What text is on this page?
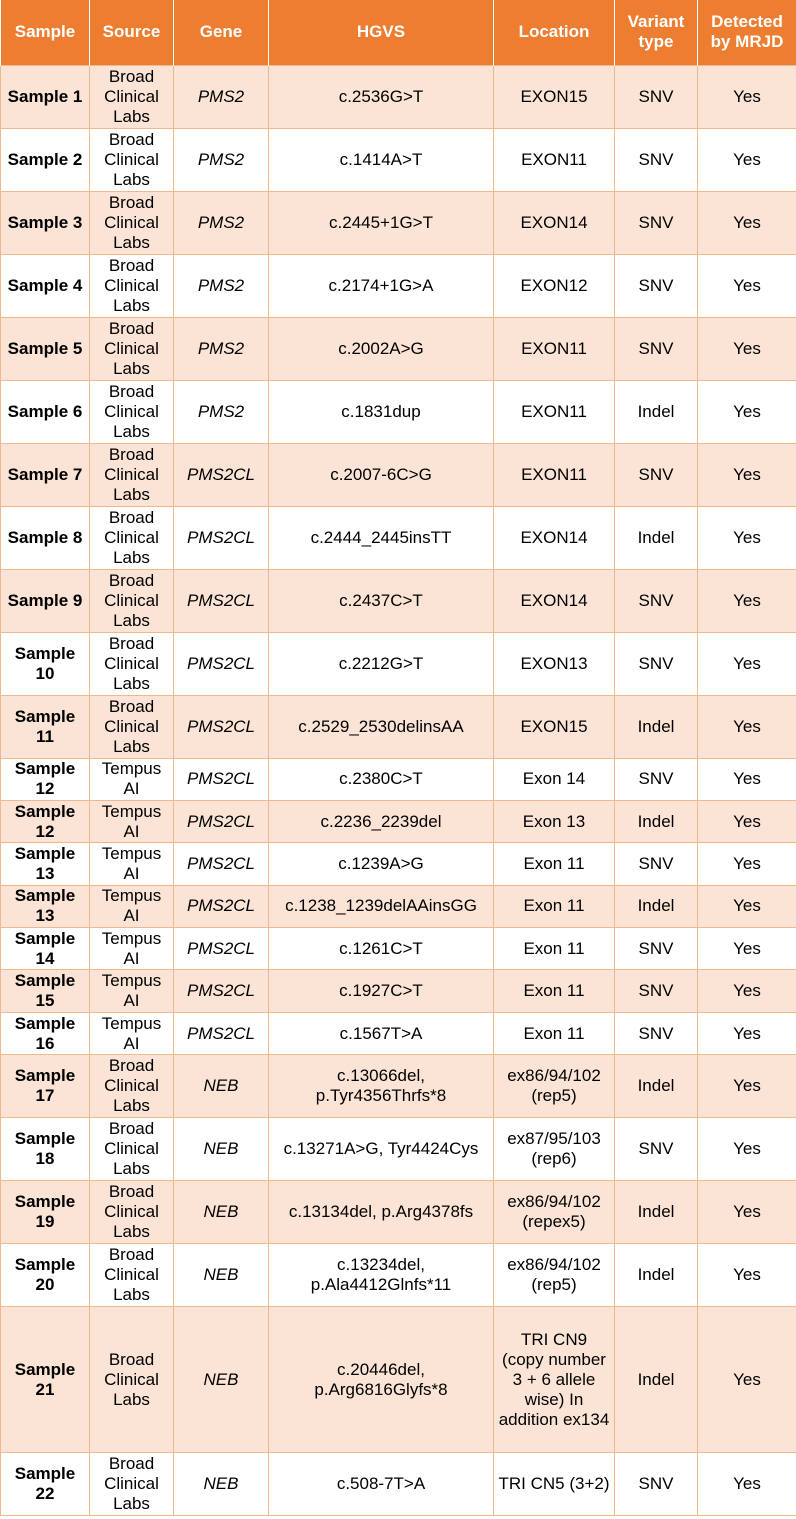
Sample	Source	Gene	HGVS	Location	Variant type	Detected by MRJD
Sample 1	Broad Clinical Labs	PMS2	c.2536G>T	EXON15	SNV	Yes
Sample 2	Broad Clinical Labs	PMS2	c.1414A>T	EXON11	SNV	Yes
Sample 3	Broad Clinical Labs	PMS2	c.2445+1G>T	EXON14	SNV	Yes
Sample 4	Broad Clinical Labs	PMS2	c.2174+1G>A	EXON12	SNV	Yes
Sample 5	Broad Clinical Labs	PMS2	c.2002A>G	EXON11	SNV	Yes
Sample 6	Broad Clinical Labs	PMS2	c.1831dup	EXON11	Indel	Yes
Sample 7	Broad Clinical Labs	PMS2CL	c.2007-6C>G	EXON11	SNV	Yes
Sample 8	Broad Clinical Labs	PMS2CL	c.2444_2445insTT	EXON14	Indel	Yes
Sample 9	Broad Clinical Labs	PMS2CL	c.2437C>T	EXON14	SNV	Yes
Sample 10	Broad Clinical Labs	PMS2CL	c.2212G>T	EXON13	SNV	Yes
Sample 11	Broad Clinical Labs	PMS2CL	c.2529_2530delinsAA	EXON15	Indel	Yes
Sample 12	Tempus AI	PMS2CL	c.2380C>T	Exon 14	SNV	Yes
Sample 12	Tempus AI	PMS2CL	c.2236_2239del	Exon 13	Indel	Yes
Sample 13	Tempus AI	PMS2CL	c.1239A>G	Exon 11	SNV	Yes
Sample 13	Tempus AI	PMS2CL	c.1238_1239delAAinsGG	Exon 11	Indel	Yes
Sample 14	Tempus AI	PMS2CL	c.1261C>T	Exon 11	SNV	Yes
Sample 15	Tempus AI	PMS2CL	c.1927C>T	Exon 11	SNV	Yes
Sample 16	Tempus AI	PMS2CL	c.1567T>A	Exon 11	SNV	Yes
Sample 17	Broad Clinical Labs	NEB	c.13066del, p.Tyr4356Thrfs*8	ex86/94/102 (rep5)	Indel	Yes
Sample 18	Broad Clinical Labs	NEB	c.13271A>G, Tyr4424Cys	ex87/95/103 (rep6)	SNV	Yes
Sample 19	Broad Clinical Labs	NEB	c.13134del, p.Arg4378fs	ex86/94/102 (repex5)	Indel	Yes
Sample 20	Broad Clinical Labs	NEB	c.13234del, p.Ala4412Glnfs*11	ex86/94/102 (rep5)	Indel	Yes
Sample 21	Broad Clinical Labs	NEB	c.20446del, p.Arg6816Glyfs*8	TRI CN9 (copy number 3 + 6 allele wise) In addition ex134	Indel	Yes
Sample 22	Broad Clinical Labs	NEB	c.508-7T>A	TRI CN5 (3+2)	SNV	Yes
